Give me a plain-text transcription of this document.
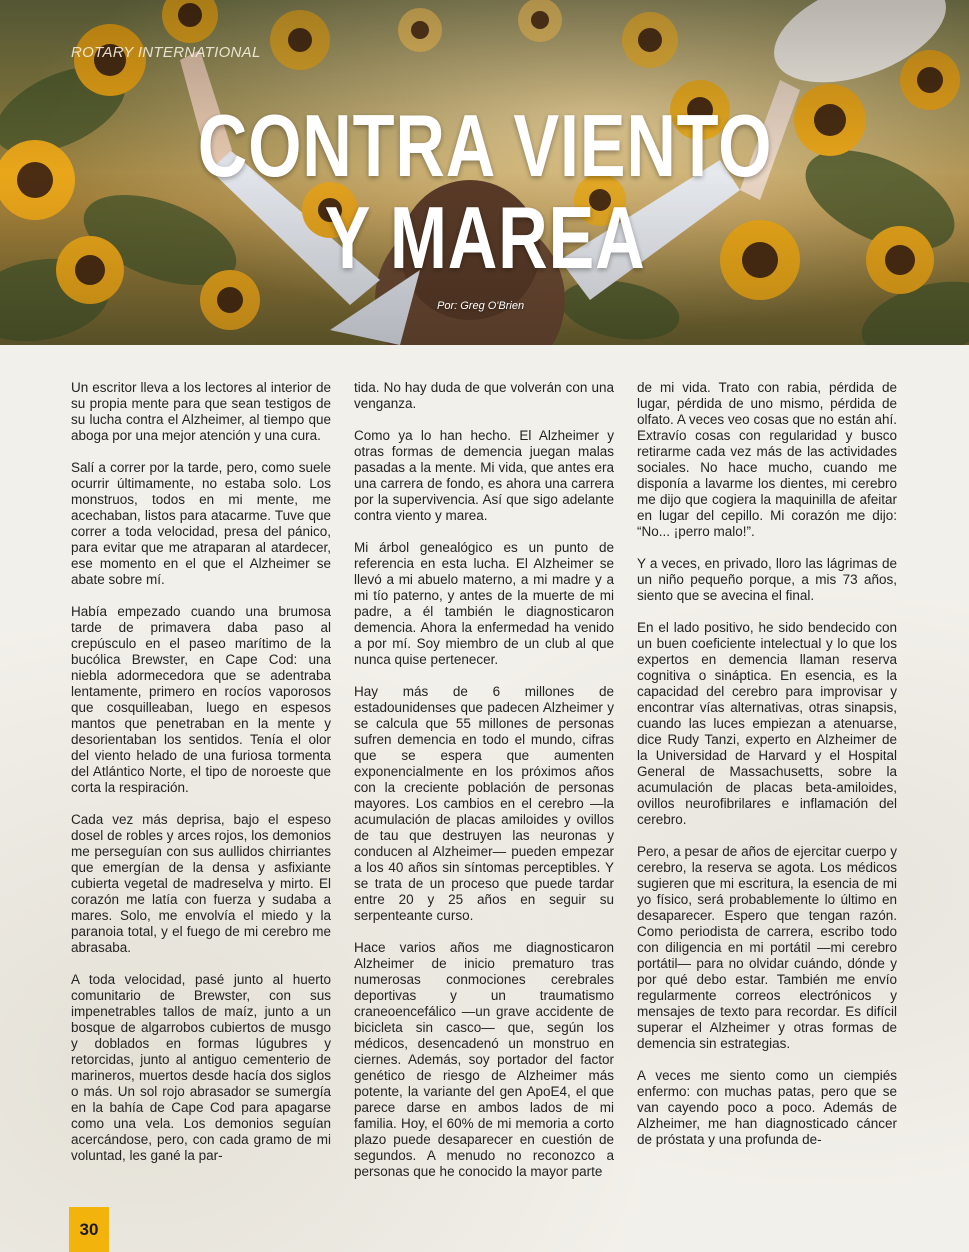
ROTARY INTERNATIONAL
CONTRA VIENTO
Y MAREA
Por: Greg O'Brien

Un escritor lleva a los lectores al interior de su propia mente para que sean testigos de su lucha contra el Alzheimer, al tiempo que aboga por una mejor atención y una cura.

Salí a correr por la tarde, pero, como suele ocurrir últimamente, no estaba solo. Los monstruos, todos en mi mente, me acechaban, listos para atacarme. Tuve que correr a toda velocidad, presa del pánico, para evitar que me atraparan al atardecer, ese momento en el que el Alzheimer se abate sobre mí.

Había empezado cuando una brumosa tarde de primavera daba paso al crepúsculo en el paseo marítimo de la bucólica Brewster, en Cape Cod: una niebla adormecedora que se adentraba lentamente, primero en rocíos vaporosos que cosquilleaban, luego en espesos mantos que penetraban en la mente y desorientaban los sentidos. Tenía el olor del viento helado de una furiosa tormenta del Atlántico Norte, el tipo de noroeste que corta la respiración.

Cada vez más deprisa, bajo el espeso dosel de robles y arces rojos, los demonios me perseguían con sus aullidos chirriantes que emergían de la densa y asfixiante cubierta vegetal de madreselva y mirto. El corazón me latía con fuerza y sudaba a mares. Solo, me envolvía el miedo y la paranoia total, y el fuego de mi cerebro me abrasaba.

A toda velocidad, pasé junto al huerto comunitario de Brewster, con sus impenetrables tallos de maíz, junto a un bosque de algarrobos cubiertos de musgo y doblados en formas lúgubres y retorcidas, junto al antiguo cementerio de marineros, muertos desde hacía dos siglos o más. Un sol rojo abrasador se sumergía en la bahía de Cape Cod para apagarse como una vela. Los demonios seguían acercándose, pero, con cada gramo de mi voluntad, les gané la par-

tida. No hay duda de que volverán con una venganza.

Como ya lo han hecho. El Alzheimer y otras formas de demencia juegan malas pasadas a la mente. Mi vida, que antes era una carrera de fondo, es ahora una carrera por la supervivencia. Así que sigo adelante contra viento y marea.

Mi árbol genealógico es un punto de referencia en esta lucha. El Alzheimer se llevó a mi abuelo materno, a mi madre y a mi tío paterno, y antes de la muerte de mi padre, a él también le diagnosticaron demencia. Ahora la enfermedad ha venido a por mí. Soy miembro de un club al que nunca quise pertenecer.

Hay más de 6 millones de estadounidenses que padecen Alzheimer y se calcula que 55 millones de personas sufren demencia en todo el mundo, cifras que se espera que aumenten exponencialmente en los próximos años con la creciente población de personas mayores. Los cambios en el cerebro —la acumulación de placas amiloides y ovillos de tau que destruyen las neuronas y conducen al Alzheimer— pueden empezar a los 40 años sin síntomas perceptibles. Y se trata de un proceso que puede tardar entre 20 y 25 años en seguir su serpenteante curso.

Hace varios años me diagnosticaron Alzheimer de inicio prematuro tras numerosas conmociones cerebrales deportivas y un traumatismo craneoencefálico —un grave accidente de bicicleta sin casco— que, según los médicos, desencadenó un monstruo en ciernes. Además, soy portador del factor genético de riesgo de Alzheimer más potente, la variante del gen ApoE4, el que parece darse en ambos lados de mi familia. Hoy, el 60% de mi memoria a corto plazo puede desaparecer en cuestión de segundos. A menudo no reconozco a personas que he conocido la mayor parte

de mi vida. Trato con rabia, pérdida de lugar, pérdida de uno mismo, pérdida de olfato. A veces veo cosas que no están ahí. Extravío cosas con regularidad y busco retirarme cada vez más de las actividades sociales. No hace mucho, cuando me disponía a lavarme los dientes, mi cerebro me dijo que cogiera la maquinilla de afeitar en lugar del cepillo. Mi corazón me dijo: “No... ¡perro malo!”.

Y a veces, en privado, lloro las lágrimas de un niño pequeño porque, a mis 73 años, siento que se avecina el final.

En el lado positivo, he sido bendecido con un buen coeficiente intelectual y lo que los expertos en demencia llaman reserva cognitiva o sináptica. En esencia, es la capacidad del cerebro para improvisar y encontrar vías alternativas, otras sinapsis, cuando las luces empiezan a atenuarse, dice Rudy Tanzi, experto en Alzheimer de la Universidad de Harvard y el Hospital General de Massachusetts, sobre la acumulación de placas beta-amiloides, ovillos neurofibrilares e inflamación del cerebro.

Pero, a pesar de años de ejercitar cuerpo y cerebro, la reserva se agota. Los médicos sugieren que mi escritura, la esencia de mi yo físico, será probablemente lo último en desaparecer. Espero que tengan razón. Como periodista de carrera, escribo todo con diligencia en mi portátil —mi cerebro portátil— para no olvidar cuándo, dónde y por qué debo estar. También me envío regularmente correos electrónicos y mensajes de texto para recordar. Es difícil superar el Alzheimer y otras formas de demencia sin estrategias.

A veces me siento como un ciempiés enfermo: con muchas patas, pero que se van cayendo poco a poco. Además de Alzheimer, me han diagnosticado cáncer de próstata y una profunda de-

30
